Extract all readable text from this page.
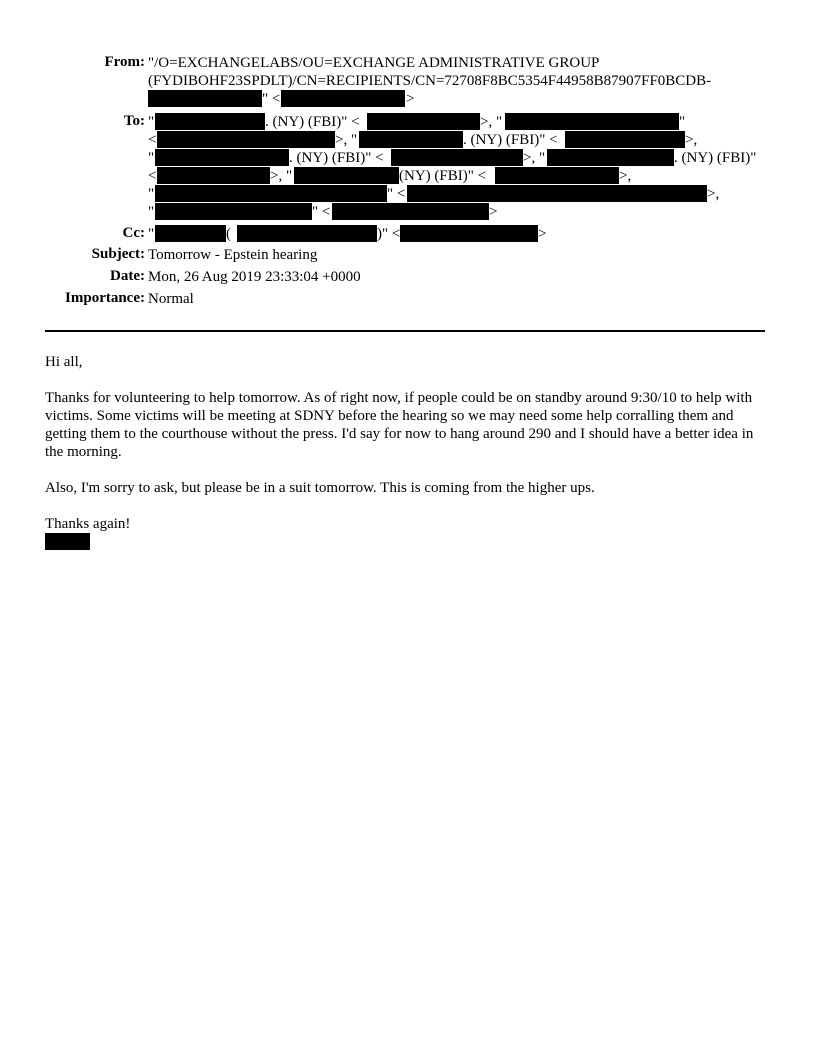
From: "/O=EXCHANGELABS/OU=EXCHANGE ADMINISTRATIVE GROUP
(FYDIBOHF23SPDLT)/CN=RECIPIENTS/CN=72708F8BC5354F44958B87907FF0BCDB-
" <	>
To: "	. (NY) (FBI)" <	>, "	"
<	>, "	. (NY) (FBI)" <	>,
"	. (NY) (FBI)" <	>, "	. (NY) (FBI)"
<	>, "	(NY) (FBI)" <	>,
"	" <	>,
"	" <	>
Cc: "	(	)" <	>
Subject: Tomorrow - Epstein hearing
Date: Mon, 26 Aug 2019 23:33:04 +0000
Importance: Normal
Hi all,
Thanks for volunteering to help tomorrow. As of right now, if people could be on standby around 9:30/10 to help with victims. Some victims will be meeting at SDNY before the hearing so we may need some help corralling them and getting them to the courthouse without the press. I'd say for now to hang around 290 and I should have a better idea in the morning.
Also, I'm sorry to ask, but please be in a suit tomorrow. This is coming from the higher ups.
Thanks again!
